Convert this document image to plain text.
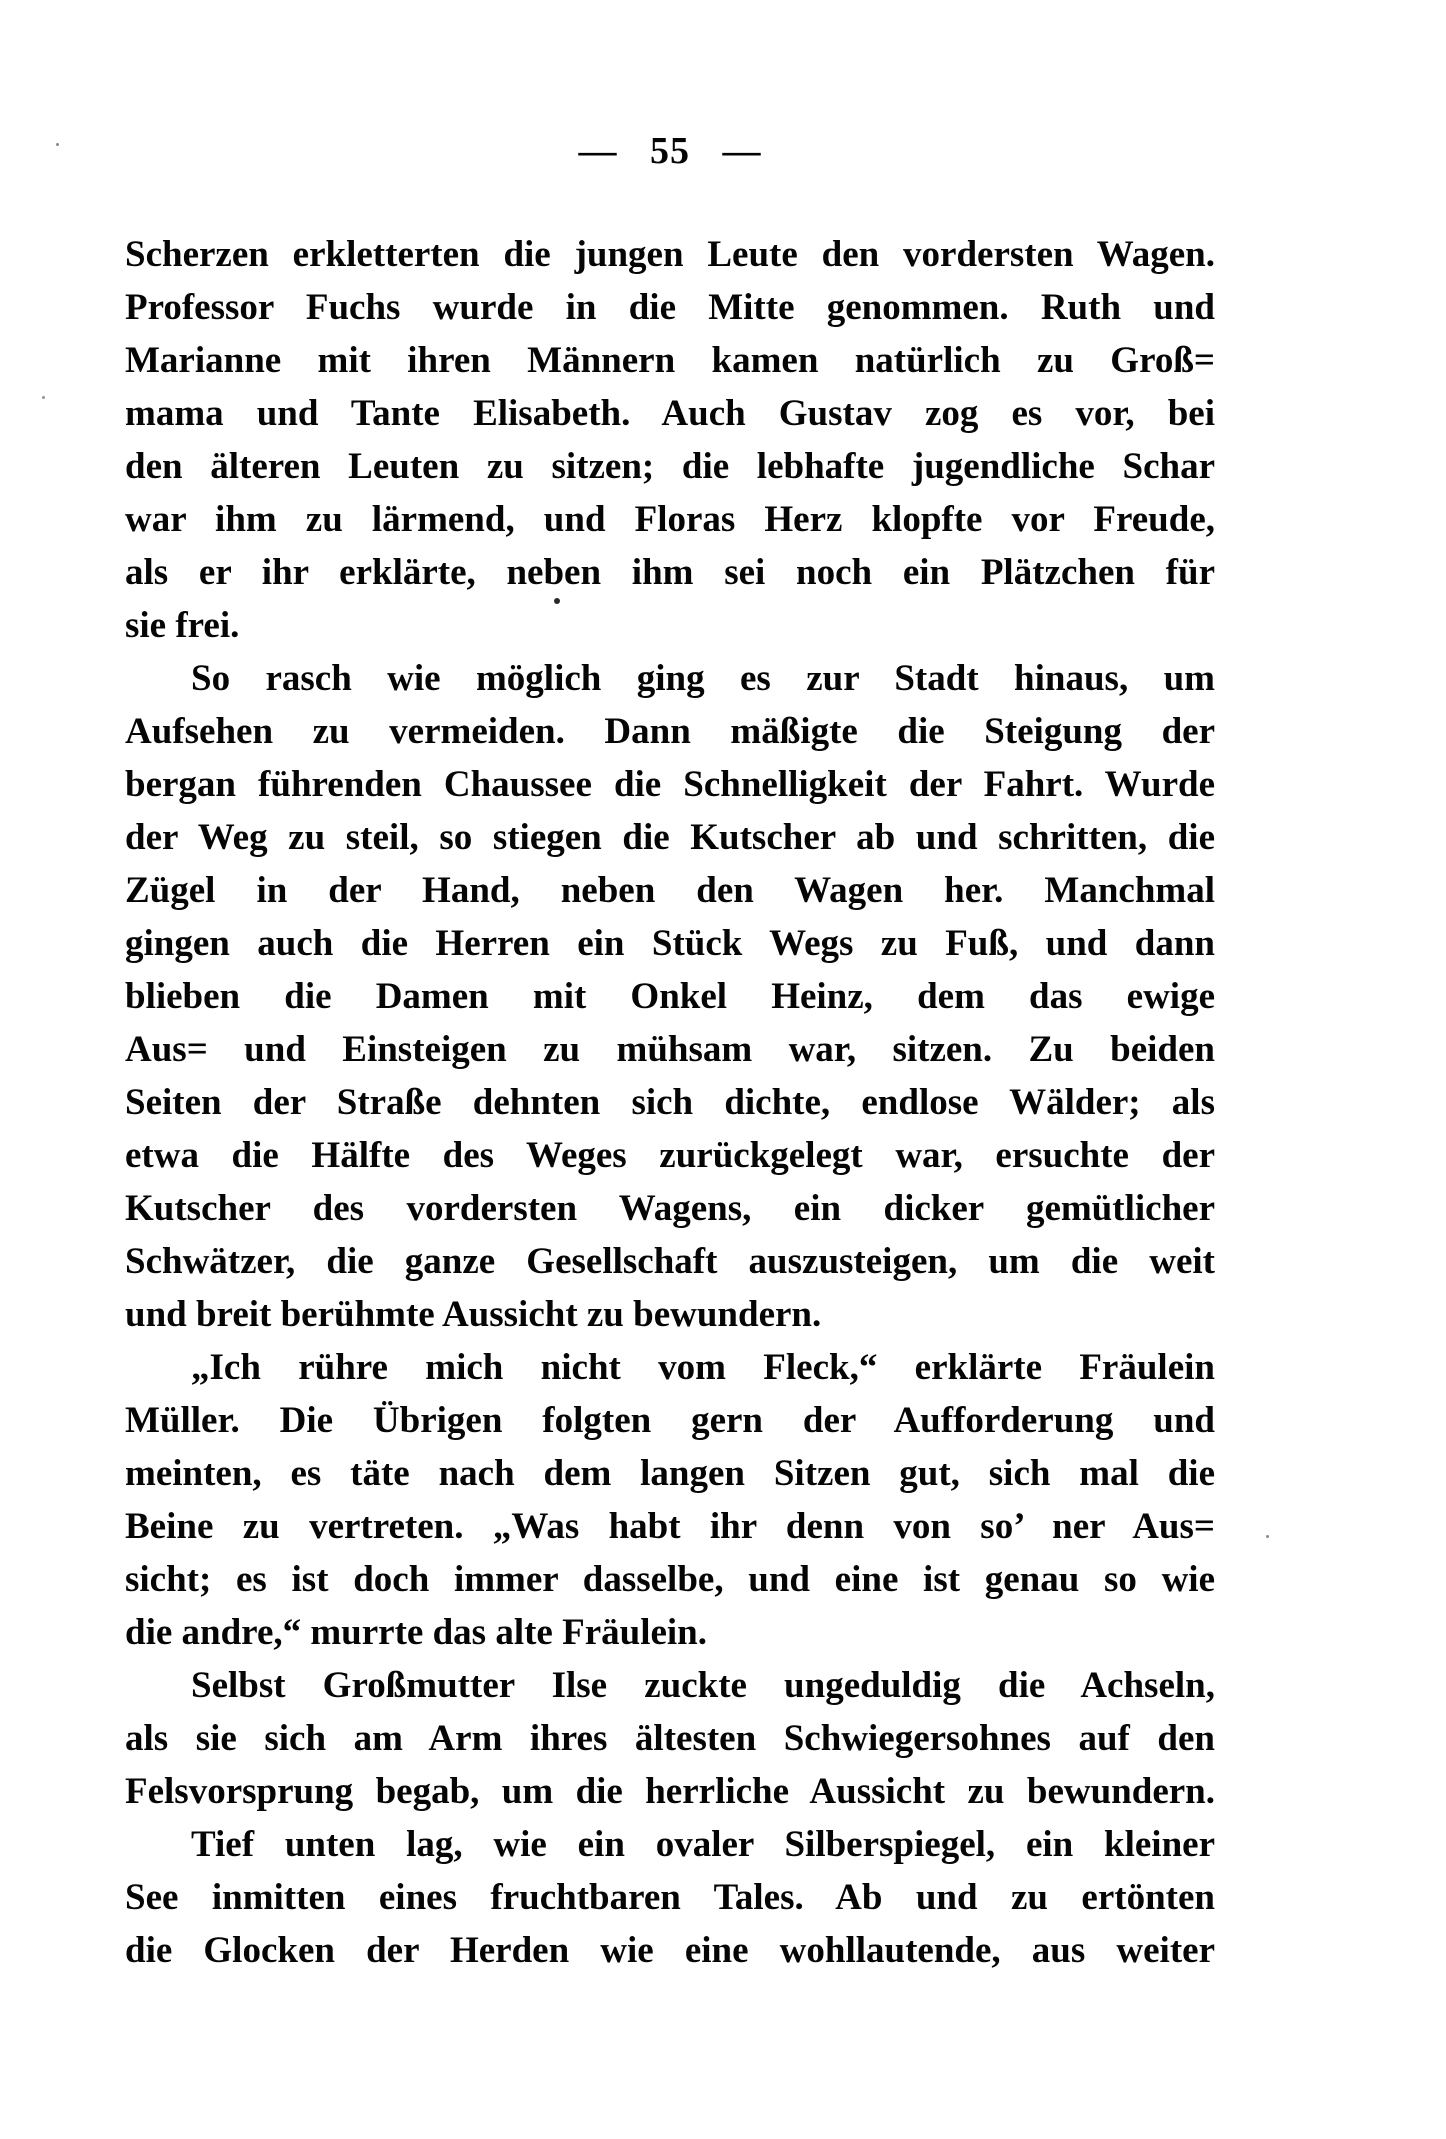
— 55 —
Scherzen erkletterten die jungen Leute den vordersten Wagen.
Professor Fuchs wurde in die Mitte genommen. Ruth und
Marianne mit ihren Männern kamen natürlich zu Groß=
mama und Tante Elisabeth. Auch Gustav zog es vor, bei
den älteren Leuten zu sitzen; die lebhafte jugendliche Schar
war ihm zu lärmend, und Floras Herz klopfte vor Freude,
als er ihr erklärte, neben ihm sei noch ein Plätzchen für
sie frei.
So rasch wie möglich ging es zur Stadt hinaus, um
Aufsehen zu vermeiden. Dann mäßigte die Steigung der
bergan führenden Chaussee die Schnelligkeit der Fahrt. Wurde
der Weg zu steil, so stiegen die Kutscher ab und schritten, die
Zügel in der Hand, neben den Wagen her. Manchmal
gingen auch die Herren ein Stück Wegs zu Fuß, und dann
blieben die Damen mit Onkel Heinz, dem das ewige
Aus= und Einsteigen zu mühsam war, sitzen. Zu beiden
Seiten der Straße dehnten sich dichte, endlose Wälder; als
etwa die Hälfte des Weges zurückgelegt war, ersuchte der
Kutscher des vordersten Wagens, ein dicker gemütlicher
Schwätzer, die ganze Gesellschaft auszusteigen, um die weit
und breit berühmte Aussicht zu bewundern.
„Ich rühre mich nicht vom Fleck,“ erklärte Fräulein
Müller. Die Übrigen folgten gern der Aufforderung und
meinten, es täte nach dem langen Sitzen gut, sich mal die
Beine zu vertreten. „Was habt ihr denn von so’ ner Aus=
sicht; es ist doch immer dasselbe, und eine ist genau so wie
die andre,“ murrte das alte Fräulein.
Selbst Großmutter Ilse zuckte ungeduldig die Achseln,
als sie sich am Arm ihres ältesten Schwiegersohnes auf den
Felsvorsprung begab, um die herrliche Aussicht zu bewundern.
Tief unten lag, wie ein ovaler Silberspiegel, ein kleiner
See inmitten eines fruchtbaren Tales. Ab und zu ertönten
die Glocken der Herden wie eine wohllautende, aus weiter
